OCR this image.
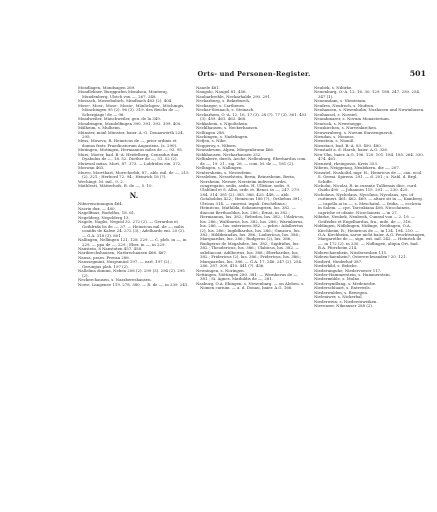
Orts- und Personen-Register.	501

Mondlagen, Mondsagen 269.

Mondlehner, Burggrafen Mondsen, Monteraj, Mundenberg, Ulrich von —, 267. 348.

Mossach, Mossebabich, Mindbach 463 (2). 404.

Mose-, Mosi-, Mose-, Mosiz-, Mönlichgen-, Möchingis, Mönchingen 95 (2). 96 (3). 319. des Reichs de —, Schergiage! de — 96.

Mondweiler, Münchweiler, gen. de la 349.

Mondringen, Mondelfingen 390. 391. 392. 399. 400.

Mälheim, s. Mulheim.

Münster, mönl Münster, baier. A.-G. Donauwörth 224. 295.

Mess, Moseva, R. Heinricus de —, prior ordinis et domus fratr. Praedicatorum Augustens. (s. 290).

Mutingen, Motingen, Hermannus miles de —, 93. 95.

Murs, Moeer, bad. B.-A. Heidelberg, Conradus dux Dyabulus de —, 18. 52. Diether de —, 51. 52 (2).

Mutzwal müsa, Mort, 87. 373. — Lubfridus ein. 372.

Moswan 463.

Murro, Morrthart, Morrcherbh, 87., abb. mil. de —, 215 (2). 321.; Herbord 72. 94.; Heinrich 18 (?).

Wechingt. M. mil., 9. 2.

Mathlestt, Mätterhofs, B. de —, 5. 10.

N.

Nibuvencinungun 464.

Nacrix dux, — 400.

Nagelfinus, Rudolfus, 18. 61.

Negelderg, Negolderg 13.

Nagele, Naglis, Negeid 32. 272 (2). — Gerardus et Gothfrida lis de —, 37. — Heinricus mil. de —, milis coniifis de Kalwe 24. 272 (3).; Adelhardo eni. 25 (2). — G.A. 318 (3). 801.

Nallingen, Nellingen 121. 128. 229. — C. pleb. in —, in 229. — ppa de —, 229.; Eber. in —, in 229.

Nanstein, 8 Nanstaten 457. 458.

Naribrechshausen, Narbrechausen 466. 467.

Nausa, praes. Prensa 286.

Naussegmint, Nuspsmiiol 197. — earl. 197 (2).; Gerungus pleb. 197 (2).

Nallelina domini, Neben 208 (2). 299 (3). 294 (2). 295 (2).

Neckerchausen, s. Nazzbereshausen.

Nowe, Langenee 119. 278. 380. — R. de —, in 239. 241.

Nauele 461.

Naugolo, Naugel 81. 456.

Naubarbrehle, Neckarhalde 290. 291.

Neckarburg, s. Bekirburch.

Neckarger, s. Cartbenes.

Neckar-Steinach, s. Steinach.

Neckarhem, O.-A. 12. 16. 17 (3). 28 (?). 77 (3). 361. 453 (3). 459. 461. 463. 468.

Nekkahem, s. Nipoltshein.

Necklhausen, s. Neckerhausen.

Nellingen 288.

Nachingen, s. Nadelingen.

Nefjen, s. Nibe.

Neggeroy, s. Nibern.

Neunsbrunn, Alpen, Mörgenbrunn 466.

Nekkhausen, Neckarhausen 252.

Nellinbere, durch, Aeche, Nellenburg, Eberhardus com. de —, 19. 21., sig. 26. — com. M. de —, 181 (2).

Nellingen, s. Nallingen.

Nentersheim, s. Nesterfeim.

Nessleben, Nesselstein, Berin, Reinesheim, Berin, Nersheim, Nerner, Nersteim indivens ordei, congregatio, sedis, sedis. H. Ulleiiur, sedis. 9. Ulablind et S. Albo, ordr. et. Benoi. in —, 247. 279. 284. 314. 381 (2). 385. 386. 425. 448. — abb. Gotaboldus 422.; Heinricus 186 (?).; Ortliebus 381.; Ulricus 314. — cunveni. iegali. Dischelinus.; Heinricus, Mathilda, Sokaunesgrien, lus. 382. — diaconi Berthooldus, lus. 286.; Ernat, in 382.; Hermannus, lus. 382.; Rebedos, lus. 382.; Udalricus, lus. 286.; Walthurus, lus. 382, lus. 286.; Warinherus, lus. 286. — lus. exteriores 382. — prbri.: Adalbertus (2), lus. 286.; Ingildhardus, lus. 286.; Gunzoro, lus. 382.; Hildibrandus, lus. 386.; Liubericus, lus. 386.; Marquardus, lus. 286.; Rudgerus (2), lus. 386.; Rudigerus de Megalsdee, lus. 382.; Sigifridus, lus. 382.; Theodericus, lus. 386.; Ulabicus, lus. 382. — subdiaconi: Adilbertus, lus. 386.; Eberhardus, lus. 382.; Fridericus (2), lus. 386.; Fridericus, lus. 386.; Marquardus, lus. 386. — G.A. 17. 246. 247 (2). 254. 286. 287. 309. 410. 441 (?). 456.

Newsingen, s. Noringen.

Nettingen, Nöttingen 280. 381. — Wernherus de —, 381.; Si. Agnes. Mathildis de —, 281.

Nasburg, O.A. Ehingen, s. Newenbarg. — on Aleben, s. Nomen curium. — a. d. Donau, baier. A.G. 166.

Neubek, s. Nibirke.

Neuenburg, O.-A. 12. 16. 30. 129. 188. 247. 250. 254. 347 (1).

Neuensdam, s. Nientstain.

Neufres, Neufrech, s. Niufron.

Neuhausen, s. Niwenhulin, Nuzhusen und Nuwinhusen.

Neuhausel, s. Nossiel.

Neumbmarer, s. Novum Monasterium.

Neuruck, s. Newenegge.

Neuskirchen, s. Nurvenkirchen.

Neuwernberg, s. Novum Stavienguerch.

Nieudan, s. Nieauss.

Nienstein, s. Nioniß.

Nieustact, bad. B.-A. 83. 400. 480.

Neustadt a. d. Harsh, baier. A.G. 326.

Neu-Ulm, baier. A.G. 106. 120. 101. 184. 185. 264. 330. 474. 461.

Nieuried, rheingosse, Kreis 353.

Nibern, Neiggenog, Neubikern, die —, 207.

Niezatel, Nusholtd, mgr. H., Heinricus de —, can. ecol. S. Germi. Spirens. 291. — d. 201.; s. Nahl. d. Brgl. Schiffe.

Nicholai, Nicolai, R. in curante Tulliensis dioc. curd. Guido 490. — Johannes 115. 201. — 230. 425.

Nicholaus, Nycholaus, Nycolaus, Nycolaus, sys. of cuittmeri. 461. 462. 469. — altare sit in —, Kamberg. — capella ai in —, s. Meschatal. — fridia. — ecclesia in Salem. — cpe. Tarcukiana 406. Nicoclaineis, capriche et ofanie. Nicoclaineis — in 27.

Nibirke, Neubek, Neubeek, Cunrad von — 2. 19. — Gotfridus et Engelhardus, fra., mile. de —, 316.

Niddingen, Nidblingen, Nidinge, Neidingen, O.A. Kirchheim, R.; Heinricus de —, in 134. 194. 210. — O.A. Kirchheim, saroe nicht baier. A.G. Feuchtwangen, Margarethe de —, sign. ext. mil. 242. — Heinrich de —, in 172 (2). in 230. — Nidlingen, aliqua Ort, bad. B.A. Pforzheim 214.

Niderschaenhein, Niedersesben 115.

Niderschaenhein?, Ostererchwanden? 20. 121.

Niederd, Niederhof 387.

Niederkild, s. Bebehe.

Niederunguhe, Niedervoeser 117.

Nieder-Hammerstein, s. Hammerstein.

Niedermühle, s. Mulne.

Niedersyndlung, s. Medenerbe.

Niederschluart, s. Entrewils.

Niederwalden, s. Bewegen.

Nieleniwer, s. Nickerbal.

Niederwein, s. Niedereuweiken.

Nievenser, Nikeanser 288 (2).
